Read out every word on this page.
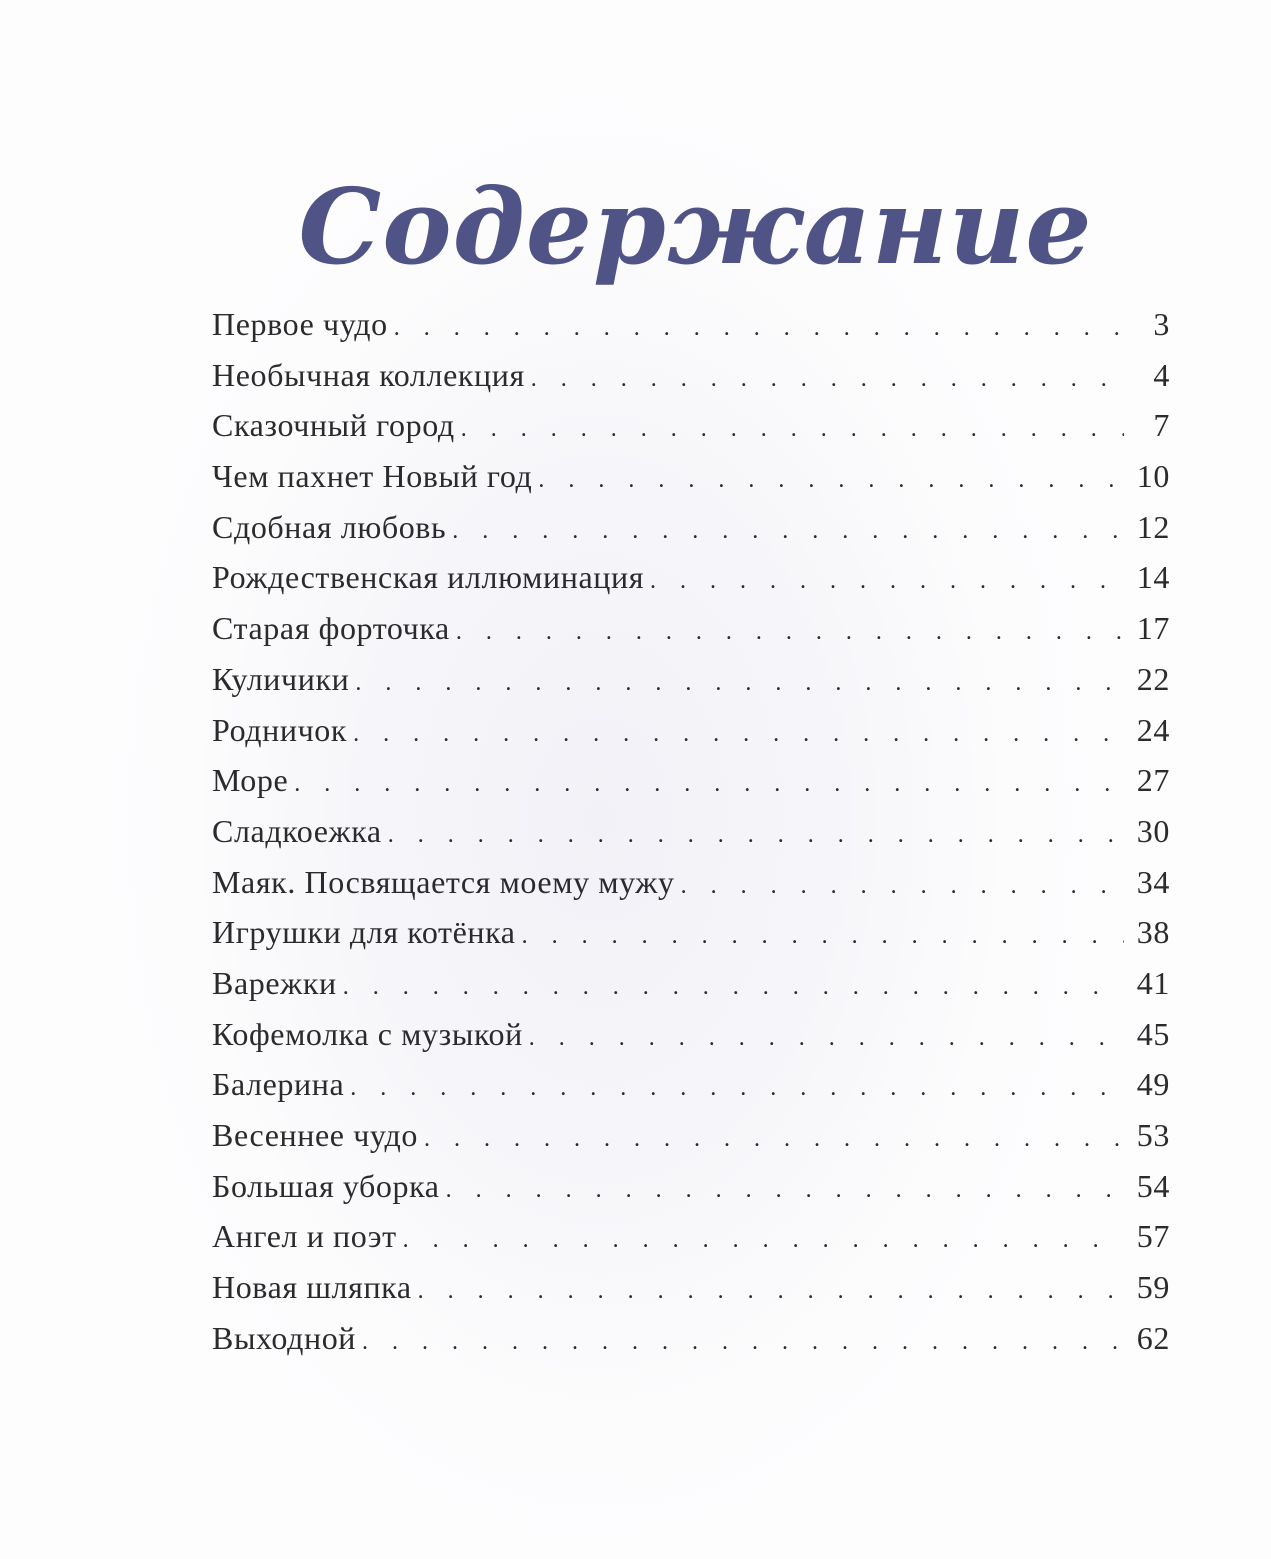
Содержание
Первое чудо . . .	3
Необычная коллекция . . .	4
Сказочный город . . .	7
Чем пахнет Новый год . . .	10
Сдобная любовь . . .	12
Рождественская иллюминация . . .	14
Старая форточка . . .	17
Куличики . . .	22
Родничок . . .	24
Море . . .	27
Сладкоежка . . .	30
Маяк. Посвящается моему мужу . . .	34
Игрушки для котёнка . . .	38
Варежки . . .	41
Кофемолка с музыкой . . .	45
Балерина . . .	49
Весеннее чудо . . .	53
Большая уборка . . .	54
Ангел и поэт . . .	57
Новая шляпка . . .	59
Выходной . . .	62
